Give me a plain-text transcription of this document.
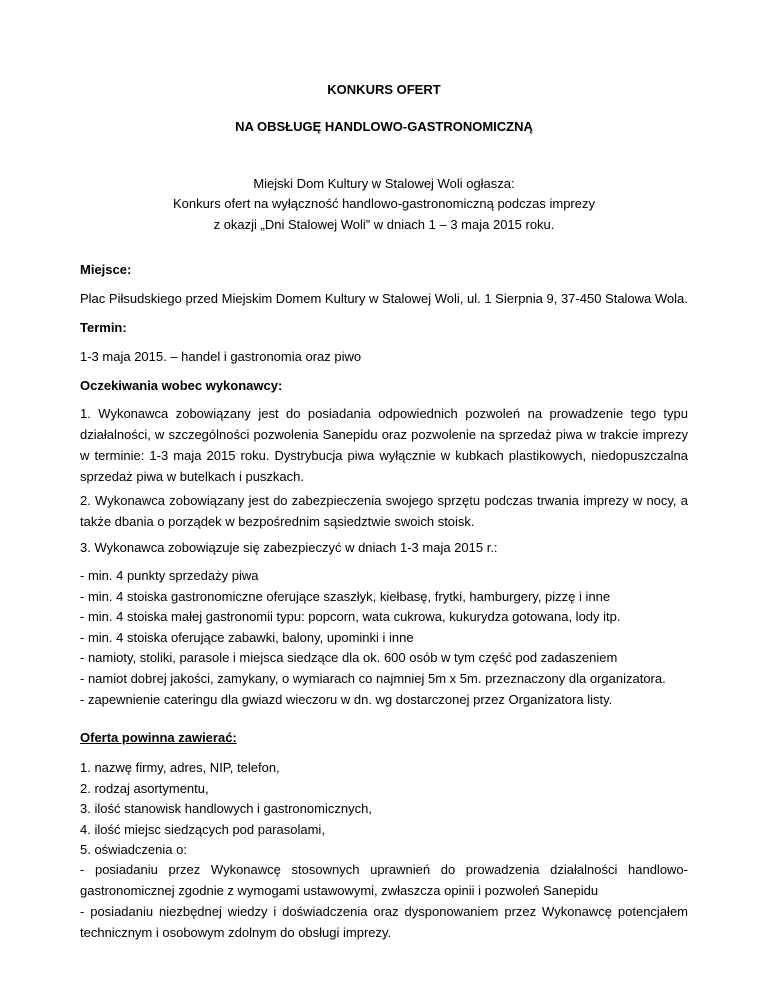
KONKURS OFERT
NA OBSŁUGĘ HANDLOWO-GASTRONOMICZNĄ
Miejski Dom Kultury w Stalowej Woli ogłasza:
Konkurs ofert na wyłączność handlowo-gastronomiczną podczas imprezy
z okazji „Dni Stalowej Woli” w dniach 1 – 3 maja 2015 roku.
Miejsce:
Plac Piłsudskiego przed Miejskim Domem Kultury w Stalowej Woli, ul. 1 Sierpnia 9, 37-450 Stalowa Wola.
Termin:
1-3 maja 2015. – handel i gastronomia oraz piwo
Oczekiwania wobec wykonawcy:
1. Wykonawca zobowiązany jest do posiadania odpowiednich pozwoleń na prowadzenie tego typu działalności, w szczególności pozwolenia Sanepidu oraz pozwolenie na sprzedaż piwa w trakcie imprezy w terminie: 1-3 maja 2015 roku. Dystrybucja piwa wyłącznie w kubkach plastikowych, niedopuszczalna sprzedaż piwa w butelkach i puszkach.
2. Wykonawca zobowiązany jest do zabezpieczenia swojego sprzętu podczas trwania imprezy w nocy, a także dbania o porządek w bezpośrednim sąsiedztwie swoich stoisk.
3. Wykonawca zobowiązuje się zabezpieczyć w dniach 1-3 maja 2015 r.:
- min. 4 punkty sprzedaży piwa
- min. 4 stoiska gastronomiczne oferujące szaszłyk, kiełbasę, frytki, hamburgery, pizzę i inne
- min. 4 stoiska małej gastronomii typu: popcorn, wata cukrowa, kukurydza gotowana, lody itp.
- min. 4 stoiska oferujące zabawki, balony, upominki i inne
- namioty, stoliki, parasole i miejsca siedzące dla ok. 600 osób w tym część pod zadaszeniem
- namiot dobrej jakości, zamykany, o wymiarach co najmniej 5m x 5m. przeznaczony dla organizatora.
- zapewnienie cateringu dla gwiazd wieczoru w dn. wg dostarczonej przez Organizatora listy.
Oferta powinna zawierać:
1. nazwę firmy, adres, NIP, telefon,
2. rodzaj asortymentu,
3. ilość stanowisk handlowych i gastronomicznych,
4. ilość miejsc siedzących pod parasolami,
5. oświadczenia o:
- posiadaniu przez Wykonawcę stosownych uprawnień do prowadzenia działalności handlowo-gastronomicznej zgodnie z wymogami ustawowymi, zwłaszcza opinii i pozwoleń Sanepidu
- posiadaniu niezbędnej wiedzy i doświadczenia oraz dysponowaniem przez Wykonawcę potencjałem technicznym i osobowym zdolnym do obsługi imprezy.
